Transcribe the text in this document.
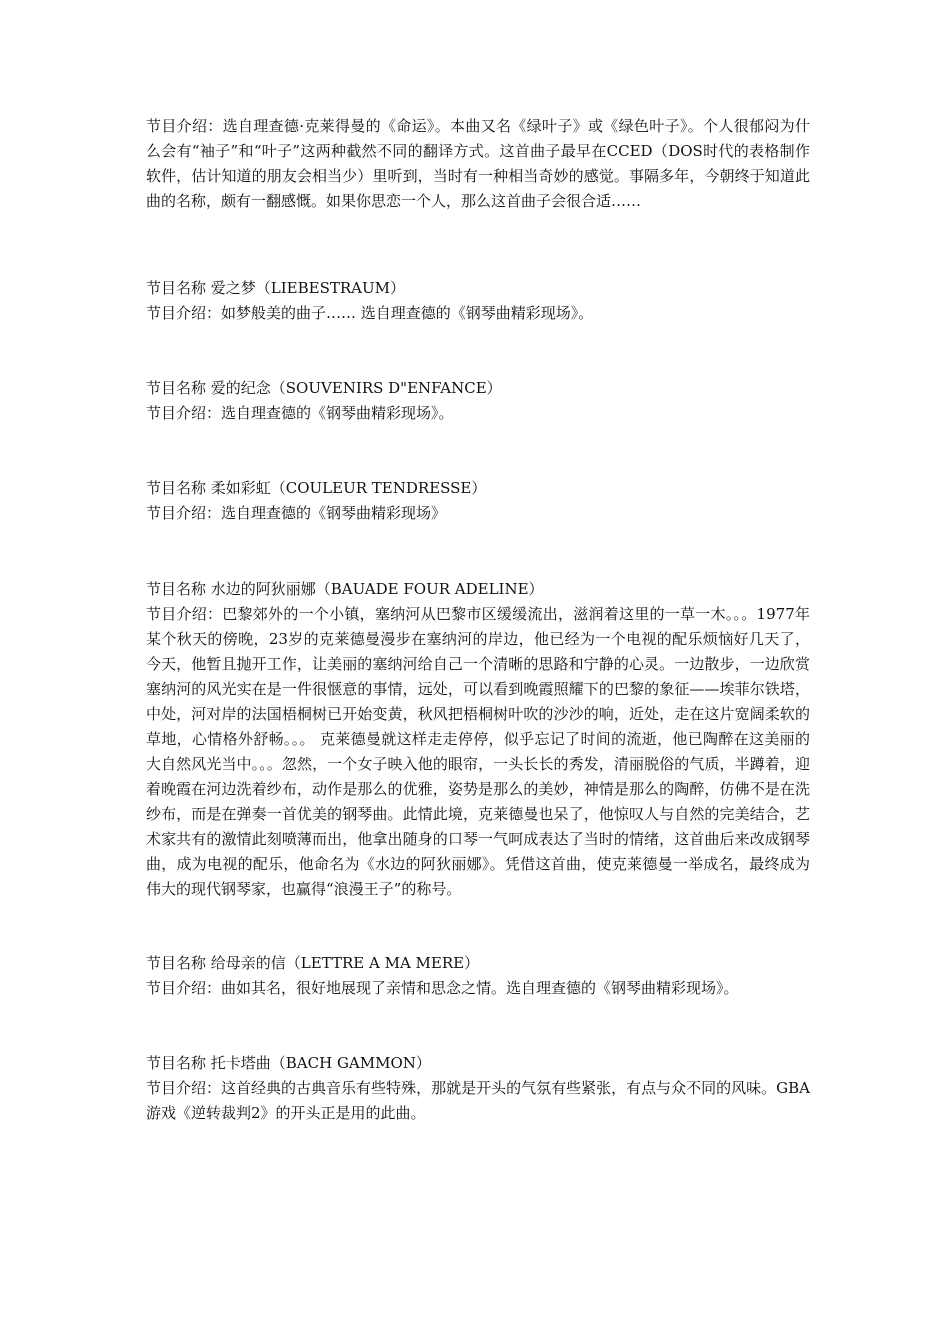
节目介绍：选自理查德·克莱得曼的《命运》。本曲又名《绿叶子》或《绿色叶子》。个人很郁闷为什么会有“袖子”和“叶子”这两种截然不同的翻译方式。这首曲子最早在CCED（DOS时代的表格制作软件，估计知道的朋友会相当少）里听到，当时有一种相当奇妙的感觉。事隔多年，今朝终于知道此曲的名称，颇有一翻感慨。如果你思恋一个人，那么这首曲子会很合适……

节目名称 爱之梦（LIEBESTRAUM）

节目介绍：如梦般美的曲子…… 选自理查德的《钢琴曲精彩现场》。

节目名称 爱的纪念（SOUVENIRS D"ENFANCE）

节目介绍：选自理查德的《钢琴曲精彩现场》。

节目名称 柔如彩虹（COULEUR TENDRESSE）

节目介绍：选自理查德的《钢琴曲精彩现场》

节目名称 水边的阿狄丽娜（BAUADE FOUR ADELINE）

节目介绍：巴黎郊外的一个小镇，塞纳河从巴黎市区缓缓流出，滋润着这里的一草一木。。。1977年某个秋天的傍晚，23岁的克莱德曼漫步在塞纳河的岸边，他已经为一个电视的配乐烦恼好几天了，今天，他暂且抛开工作，让美丽的塞纳河给自己一个清晰的思路和宁静的心灵。一边散步，一边欣赏塞纳河的风光实在是一件很惬意的事情，远处，可以看到晚霞照耀下的巴黎的象征——埃菲尔铁塔，中处，河对岸的法国梧桐树已开始变黄，秋风把梧桐树叶吹的沙沙的响，近处，走在这片宽阔柔软的草地，心情格外舒畅。。。 克莱德曼就这样走走停停，似乎忘记了时间的流逝，他已陶醉在这美丽的大自然风光当中。。。忽然，一个女子映入他的眼帘，一头长长的秀发，清丽脱俗的气质，半蹲着，迎着晚霞在河边洗着纱布，动作是那么的优雅，姿势是那么的美妙，神情是那么的陶醉，仿佛不是在洗纱布，而是在弹奏一首优美的钢琴曲。此情此境，克莱德曼也呆了，他惊叹人与自然的完美结合，艺术家共有的激情此刻喷薄而出，他拿出随身的口琴一气呵成表达了当时的情绪，这首曲后来改成钢琴曲，成为电视的配乐，他命名为《水边的阿狄丽娜》。凭借这首曲，使克莱德曼一举成名，最终成为伟大的现代钢琴家，也赢得“浪漫王子”的称号。

节目名称 给母亲的信（LETTRE A MA MERE）

节目介绍：曲如其名，很好地展现了亲情和思念之情。选自理查德的《钢琴曲精彩现场》。

节目名称 托卡塔曲（BACH GAMMON）

节目介绍：这首经典的古典音乐有些特殊，那就是开头的气氛有些紧张，有点与众不同的风味。GBA游戏《逆转裁判2》的开头正是用的此曲。
